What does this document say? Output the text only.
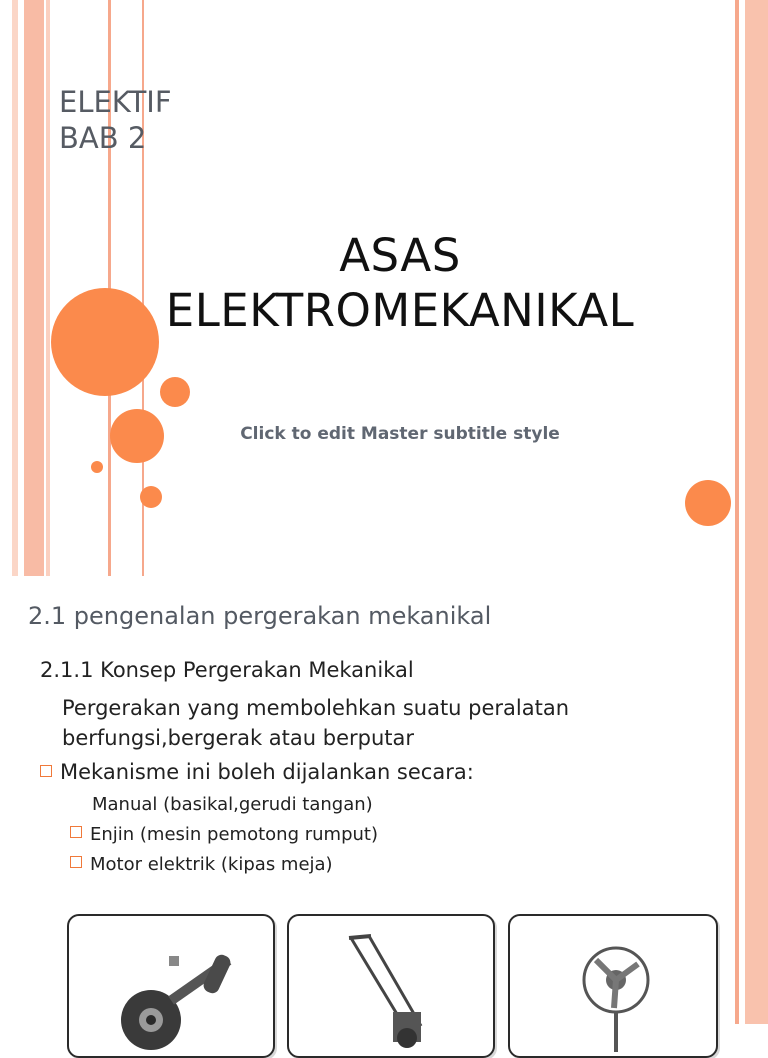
ELEKTIF
BAB 2
ASAS
ELEKTROMEKANIKAL

Click to edit Master subtitle style

2.1 pengenalan pergerakan mekanikal
2.1.1 Konsep Pergerakan Mekanikal
Pergerakan yang membolehkan suatu peralatan berfungsi,bergerak atau berputar
Mekanisme ini boleh dijalankan secara:
Manual (basikal,gerudi tangan)
Enjin (mesin pemotong rumput)
Motor elektrik (kipas meja)
